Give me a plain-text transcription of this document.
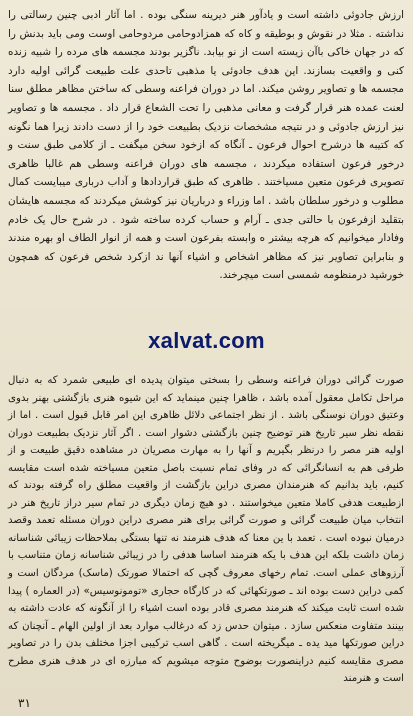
ارزش جادوئی داشته است و یادآور هنر دیرینه سنگی بوده . اما آثار ادبی چنین رسالتی را نداشته . مثلا در نقوش و بوطیقه و کاه که همزادوحامی مردوحامی اوست ومی باید بدنش را که در جهان خاکی باآن زیسته است از نو بیابد. ناگزیر بودند مجسمه های مرده را شبیه زنده کنی و واقعیت بسازند. این هدف جادوئی یا مذهبی تاحدی علت طبیعت گرائی اولیه دارد مجسمه ها و تصاویر روشن میکند. اما در دوران فراعنه وسطی که ساختن مظاهر مطلق سنا لعنت عمده هنر قرار گرفت و معانی مذهبی را تحت الشعاع قرار داد . مجسمه ها و تصاویر نیز ارزش جادوئی و در نتیجه مشخصات نزدیک بطبیعت خود را از دست دادند زیرا هما نگونه که کتیبه ها درشرح احوال فرعون ـ آنگاه که ازخود سخن میگفت ـ از کلامی طبق سنت و درخور فرعون استفاده میکردند ، مجسمه های دوران فراعنه وسطی هم غالبا ظاهری تصویری فرعون متعین مسیاختند . ظاهری که طبق قراردادها و آداب درباری میبایست کمال مطلوب و درخور سلطان باشد . اما وزراء و درباریان نیز کوشش میکردند که مجسمه هایشان بتقلید ازفرعون با حالتی جدی ـ آرام و حساب کرده ساخته شود . در شرح حال یک خادم وفادار میخوانیم که هرچه بیشتر ه وابسته بفرعون است و همه از انوار الطاف او بهره مندند و بنابراین تصاویر نیز که مظاهر اشخاص و اشیاء آنها ند ازکرد شخص فرعون که همچون خورشید درمنظومه شمسی است میچرخند.

xalvat.com

صورت گرائی دوران فراعنه وسطی را بسختی میتوان پدیده ای طبیعی شمرد که به دنبال مراحل تکامل معقول آمده باشد ، ظاهرا چنین مینماید که این شیوه هنری بازگشتی بهنر بدوی وعتیق دوران نوسنگی باشد . از نظر اجتماعی دلائل ظاهری این امر قابل قبول است . اما از نقطه نظر سیر تاریخ هنر توضیح چنین بازگشتی دشوار است . اگر آثار نزدیک بطبیعت دوران اولیه هنر مصر را درنظر بگیریم و آنها را به مهارت مصریان در مشاهده دقیق طبیعت و از طرفی هم به انسانگرائی که در وفای تمام نسبت باصل متعین مسیاخته شده است مقایسه کنیم، باید بدانیم که هنرمندان مصری دراین بازگشت از واقعیت مطلق راه گرفته بودند که ازطبیعت هدفی کاملا متعین میخواستند . دو هیچ زمان دیگری در تمام سیر دراز تاریخ هنر در انتخاب میان طبیعت گرائی و صورت گرائی برای هنر مصری دراین دوران مسئله تعمد وقصد درمیان نبوده است . تعمد با ین معنا که هدف هنرمند نه تنها بستگی بملاحظات زیبائی شناسانه زمان داشت بلکه این هدف با یکه هنرمند اساسا هدفی را در زیبائی شناسانه زمان متناسب با آرزوهای عملی است. تمام رخهای معروف گچی که احتمالا صورتک (ماسک) مردگان است و کمی دراین دست بوده اند ـ صورتکهائی که در کارگاه حجاری «تومونوسیس» (در العماره ) پیدا شده است ثابت میکند که هنرمند مصری قادر بوده است اشیاء را از آنگونه که عادت داشته به بینند متفاوت منعکس سازد . میتوان حدس زد که درغالب موارد بعد از اولین الهام ـ آنچنان که دراین صورتکها مید یده ـ میگریخته است . گاهی اسب ترکیبی اجزا مختلف بدن را در تصاویر مصری مقایسه کنیم دراینصورت بوضوح متوجه میشویم که مبارزه ای در هدف هنری مطرح است و هنرمند

۳۱
